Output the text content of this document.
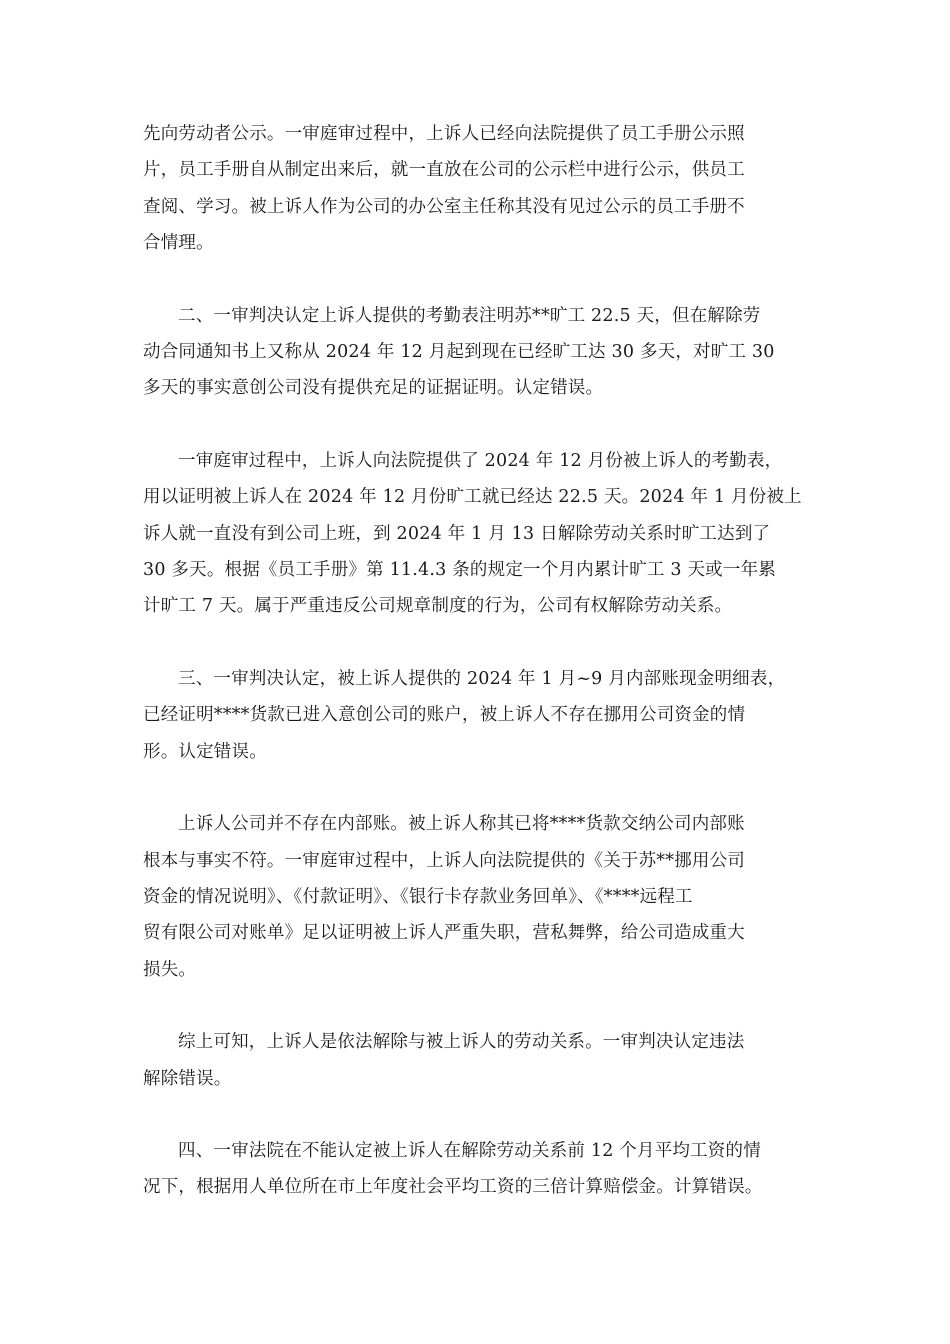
先向劳动者公示。一审庭审过程中，上诉人已经向法院提供了员工手册公示照
片，员工手册自从制定出来后，就一直放在公司的公示栏中进行公示，供员工
查阅、学习。被上诉人作为公司的办公室主任称其没有见过公示的员工手册不
合情理。

二、一审判决认定上诉人提供的考勤表注明苏**旷工 22.5 天，但在解除劳
动合同通知书上又称从 2024 年 12 月起到现在已经旷工达 30 多天，对旷工 30
多天的事实意创公司没有提供充足的证据证明。认定错误。

一审庭审过程中，上诉人向法院提供了 2024 年 12 月份被上诉人的考勤表，
用以证明被上诉人在 2024 年 12 月份旷工就已经达 22.5 天。2024 年 1 月份被上
诉人就一直没有到公司上班，到 2024 年 1 月 13 日解除劳动关系时旷工达到了
30 多天。根据《员工手册》第 11.4.3 条的规定一个月内累计旷工 3 天或一年累
计旷工 7 天。属于严重违反公司规章制度的行为，公司有权解除劳动关系。

三、一审判决认定，被上诉人提供的 2024 年 1 月~9 月内部账现金明细表，
已经证明****货款已进入意创公司的账户，被上诉人不存在挪用公司资金的情
形。认定错误。

上诉人公司并不存在内部账。被上诉人称其已将****货款交纳公司内部账
根本与事实不符。一审庭审过程中，上诉人向法院提供的《关于苏**挪用公司
资金的情况说明》、《付款证明》、《银行卡存款业务回单》、《****远程工
贸有限公司对账单》足以证明被上诉人严重失职，营私舞弊，给公司造成重大
损失。

综上可知，上诉人是依法解除与被上诉人的劳动关系。一审判决认定违法
解除错误。

四、一审法院在不能认定被上诉人在解除劳动关系前 12 个月平均工资的情
况下，根据用人单位所在市上年度社会平均工资的三倍计算赔偿金。计算错误。
